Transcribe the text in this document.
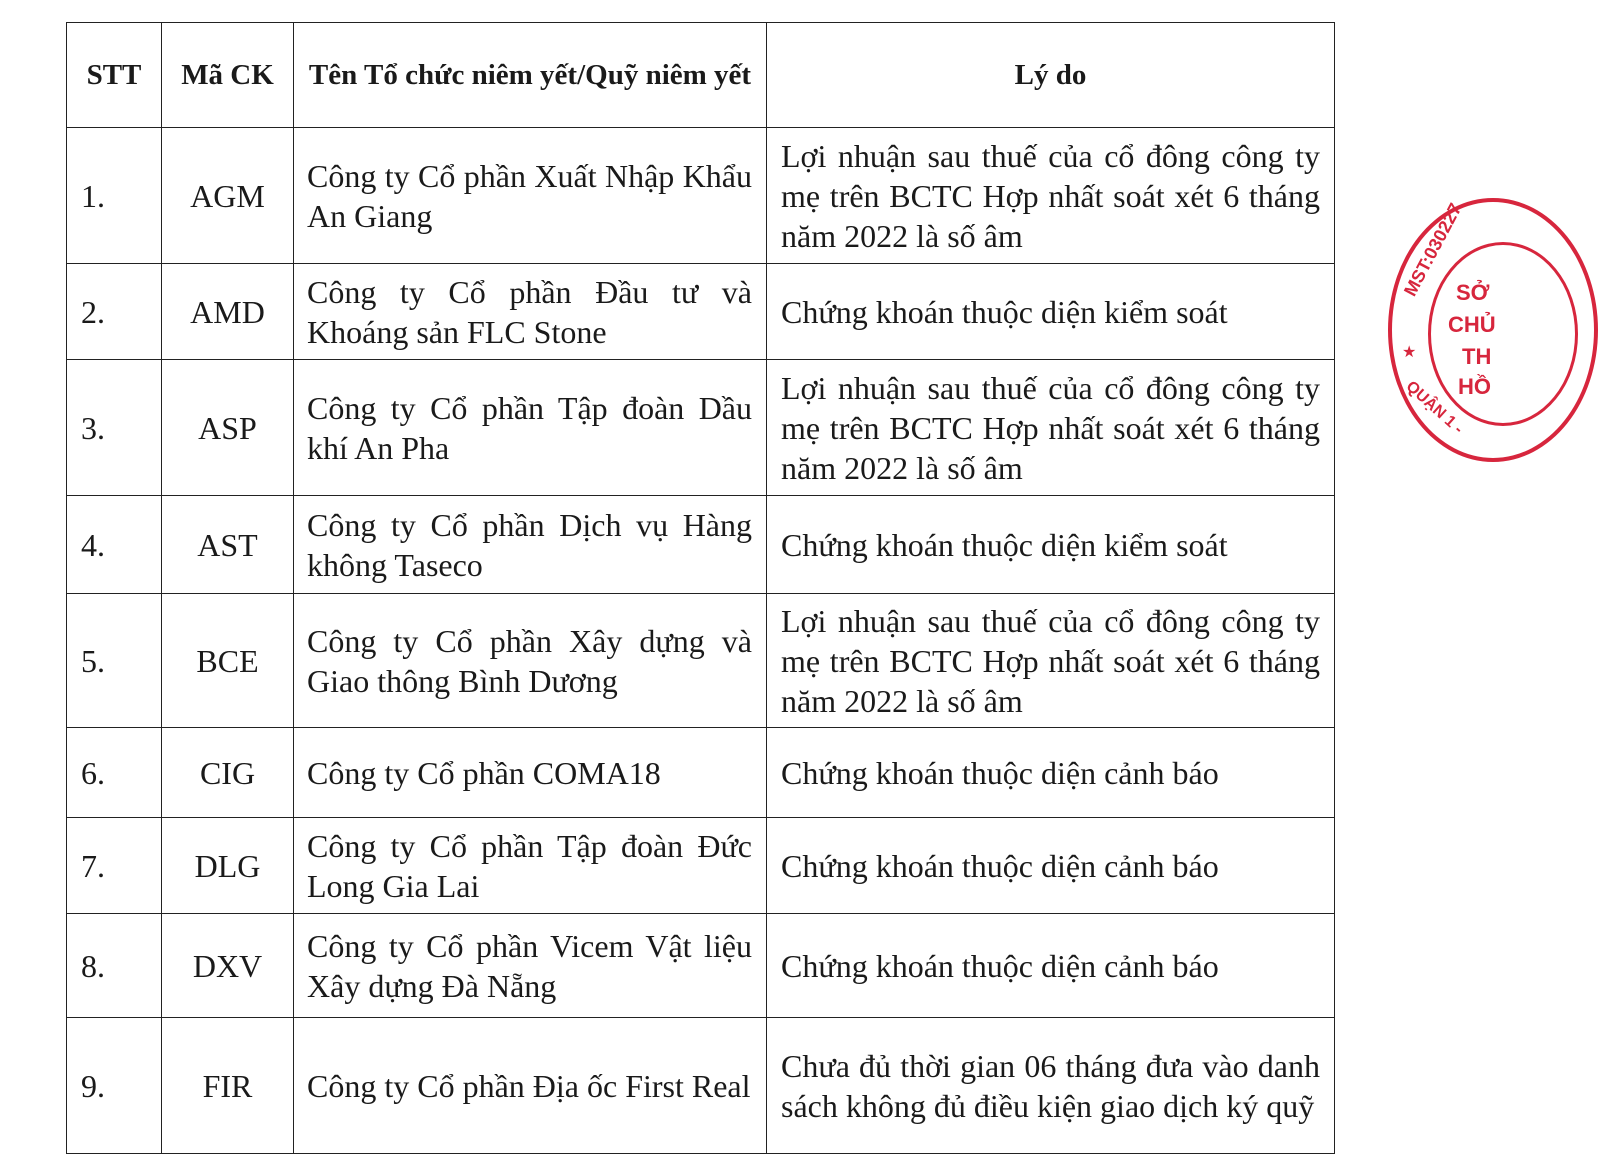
STT	Mã CK	Tên Tổ chức niêm yết/Quỹ niêm yết	Lý do
1.	AGM	Công ty Cổ phần Xuất Nhập Khẩu An Giang	Lợi nhuận sau thuế của cổ đông công ty mẹ trên BCTC Hợp nhất soát xét 6 tháng năm 2022 là số âm
2.	AMD	Công ty Cổ phần Đầu tư và Khoáng sản FLC Stone	Chứng khoán thuộc diện kiểm soát
3.	ASP	Công ty Cổ phần Tập đoàn Dầu khí An Pha	Lợi nhuận sau thuế của cổ đông công ty mẹ trên BCTC Hợp nhất soát xét 6 tháng năm 2022 là số âm
4.	AST	Công ty Cổ phần Dịch vụ Hàng không Taseco	Chứng khoán thuộc diện kiểm soát
5.	BCE	Công ty Cổ phần Xây dựng và Giao thông Bình Dương	Lợi nhuận sau thuế của cổ đông công ty mẹ trên BCTC Hợp nhất soát xét 6 tháng năm 2022 là số âm
6.	CIG	Công ty Cổ phần COMA18	Chứng khoán thuộc diện cảnh báo
7.	DLG	Công ty Cổ phần Tập đoàn Đức Long Gia Lai	Chứng khoán thuộc diện cảnh báo
8.	DXV	Công ty Cổ phần Vicem Vật liệu Xây dựng Đà Nẵng	Chứng khoán thuộc diện cảnh báo
9.	FIR	Công ty Cổ phần Địa ốc First Real	Chưa đủ thời gian 06 tháng đưa vào danh sách không đủ điều kiện giao dịch ký quỹ
MST:030227
★
QUẬN 1 -
SỞ
CHỦ
TH
HỒ
